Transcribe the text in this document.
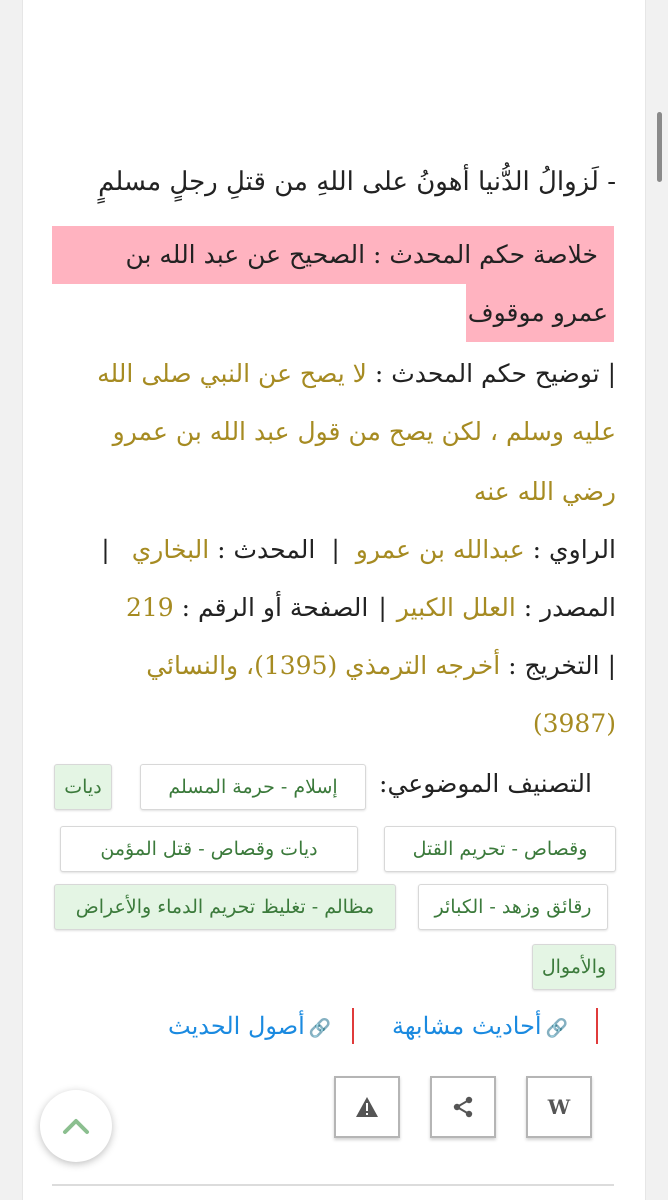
- لَزوالُ الدُّنيا أهونُ على اللهِ من قتلِ رجلٍ مسلمٍ
خلاصة حكم المحدث : الصحيح عن عبد الله بن
عمرو موقوف
| توضيح حكم المحدث : لا يصح عن النبي صلى الله
عليه وسلم ، لكن يصح من قول عبد الله بن عمرو
رضي الله عنه
الراوي : عبدالله بن عمرو|المحدث : البخاري|
المصدر : العلل الكبير|الصفحة أو الرقم : 219
| التخريج : أخرجه الترمذي (1395)، والنسائي
(3987)
التصنيف الموضوعي:
إسلام - حرمة المسلم
ديات
وقصاص - تحريم القتل
ديات وقصاص - قتل المؤمن
رقائق وزهد - الكبائر
مظالم - تغليظ تحريم الدماء والأعراض
والأموال
🔗أحاديث مشابهة
🔗أصول الحديث
W
